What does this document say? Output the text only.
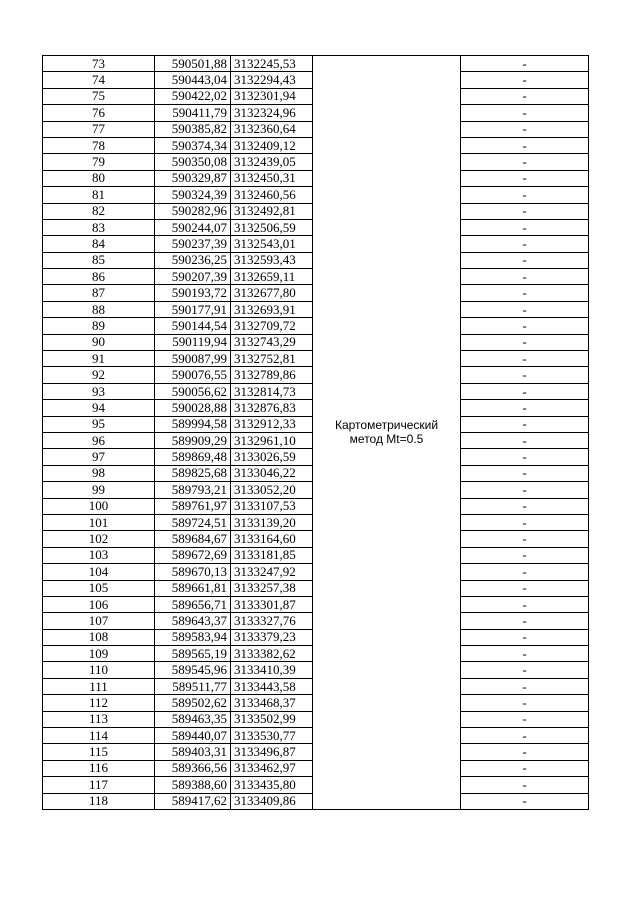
73	590501,88	3132245,53	Картометрический
метод Mt=0.5	-
74	590443,04	3132294,43		-
75	590422,02	3132301,94		-
76	590411,79	3132324,96		-
77	590385,82	3132360,64		-
78	590374,34	3132409,12		-
79	590350,08	3132439,05		-
80	590329,87	3132450,31		-
81	590324,39	3132460,56		-
82	590282,96	3132492,81		-
83	590244,07	3132506,59		-
84	590237,39	3132543,01		-
85	590236,25	3132593,43		-
86	590207,39	3132659,11		-
87	590193,72	3132677,80		-
88	590177,91	3132693,91		-
89	590144,54	3132709,72		-
90	590119,94	3132743,29		-
91	590087,99	3132752,81		-
92	590076,55	3132789,86		-
93	590056,62	3132814,73		-
94	590028,88	3132876,83		-
95	589994,58	3132912,33		-
96	589909,29	3132961,10		-
97	589869,48	3133026,59		-
98	589825,68	3133046,22		-
99	589793,21	3133052,20		-
100	589761,97	3133107,53		-
101	589724,51	3133139,20		-
102	589684,67	3133164,60		-
103	589672,69	3133181,85		-
104	589670,13	3133247,92		-
105	589661,81	3133257,38		-
106	589656,71	3133301,87		-
107	589643,37	3133327,76		-
108	589583,94	3133379,23		-
109	589565,19	3133382,62		-
110	589545,96	3133410,39		-
111	589511,77	3133443,58		-
112	589502,62	3133468,37		-
113	589463,35	3133502,99		-
114	589440,07	3133530,77		-
115	589403,31	3133496,87		-
116	589366,56	3133462,97		-
117	589388,60	3133435,80		-
118	589417,62	3133409,86		-
